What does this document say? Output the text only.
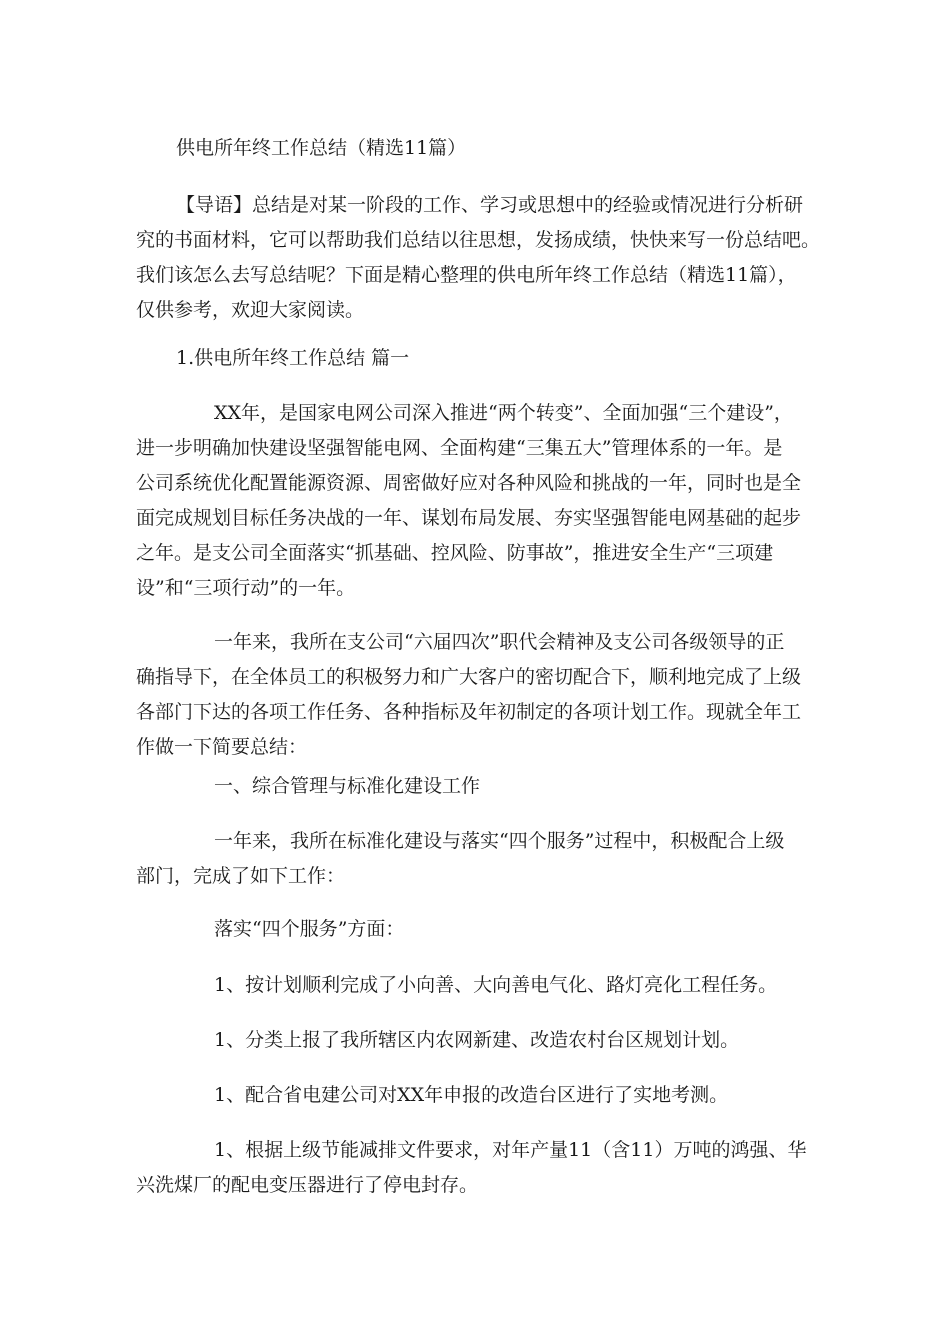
供电所年终工作总结（精选11篇）
【导语】总结是对某一阶段的工作、学习或思想中的经验或情况进行分析研
究的书面材料，它可以帮助我们总结以往思想，发扬成绩，快快来写一份总结吧。
我们该怎么去写总结呢？下面是精心整理的供电所年终工作总结（精选11篇），
仅供参考，欢迎大家阅读。
1.供电所年终工作总结 篇一
XX年，是国家电网公司深入推进“两个转变”、全面加强“三个建设”，
进一步明确加快建设坚强智能电网、全面构建“三集五大”管理体系的一年。是
公司系统优化配置能源资源、周密做好应对各种风险和挑战的一年，同时也是全
面完成规划目标任务决战的一年、谋划布局发展、夯实坚强智能电网基础的起步
之年。是支公司全面落实“抓基础、控风险、防事故”，推进安全生产“三项建
设”和“三项行动”的一年。
一年来，我所在支公司“六届四次”职代会精神及支公司各级领导的正
确指导下，在全体员工的积极努力和广大客户的密切配合下，顺利地完成了上级
各部门下达的各项工作任务、各种指标及年初制定的各项计划工作。现就全年工
作做一下简要总结：
一、综合管理与标准化建设工作
一年来，我所在标准化建设与落实“四个服务”过程中，积极配合上级
部门，完成了如下工作：
落实“四个服务”方面：
1、按计划顺利完成了小向善、大向善电气化、路灯亮化工程任务。
1、分类上报了我所辖区内农网新建、改造农村台区规划计划。
1、配合省电建公司对XX年申报的改造台区进行了实地考测。
1、根据上级节能减排文件要求，对年产量11（含11）万吨的鸿强、华
兴洗煤厂的配电变压器进行了停电封存。
